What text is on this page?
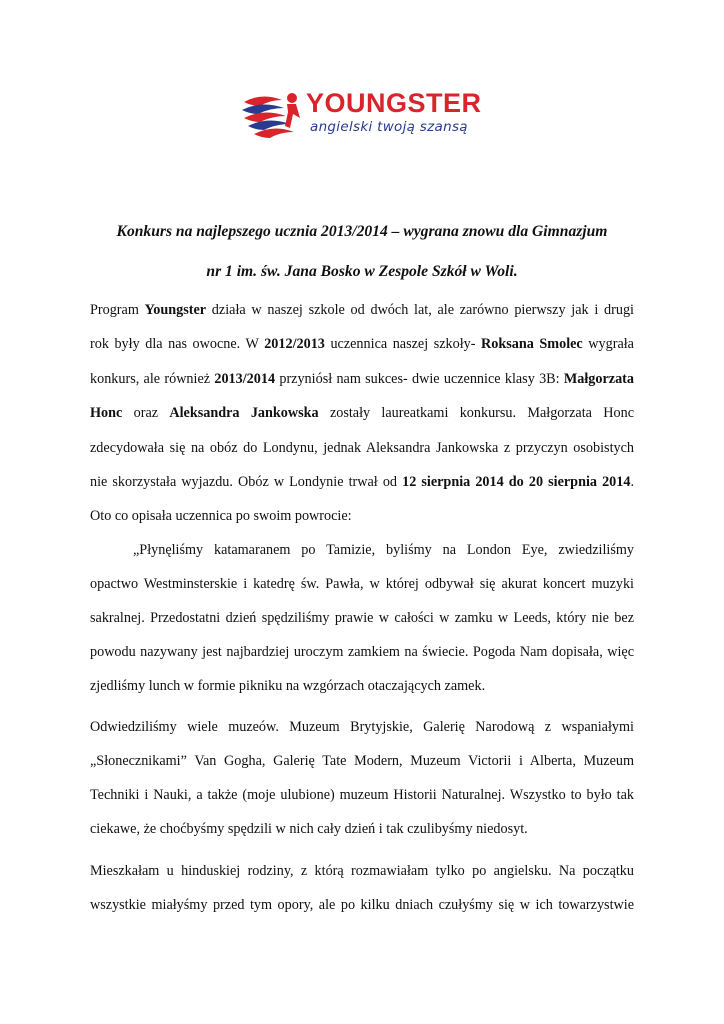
YOUNGSTER
angielski twoją szansą
Konkurs na najlepszego ucznia 2013/2014 – wygrana znowu dla Gimnazjum
nr 1 im. św. Jana Bosko w Zespole Szkół w Woli.
Program Youngster działa w naszej szkole od dwóch lat, ale zarówno pierwszy jak i drugi
rok były dla nas owocne. W 2012/2013 uczennica naszej szkoły- Roksana Smolec wygrała
konkurs, ale również 2013/2014 przyniósł nam sukces- dwie uczennice klasy 3B: Małgorzata
Honc oraz Aleksandra Jankowska zostały laureatkami konkursu. Małgorzata Honc
zdecydowała się na obóz do Londynu, jednak Aleksandra Jankowska z przyczyn osobistych
nie skorzystała wyjazdu. Obóz w Londynie trwał od 12 sierpnia 2014 do 20 sierpnia 2014.
Oto co opisała uczennica po swoim powrocie:
„Płynęliśmy katamaranem po Tamizie, byliśmy na London Eye, zwiedziliśmy
opactwo Westminsterskie i katedrę św. Pawła, w której odbywał się akurat koncert muzyki
sakralnej. Przedostatni dzień spędziliśmy prawie w całości w zamku w Leeds, który nie bez
powodu nazywany jest najbardziej uroczym zamkiem na świecie. Pogoda Nam dopisała, więc
zjedliśmy lunch w formie pikniku na wzgórzach otaczających zamek.
Odwiedziliśmy wiele muzeów. Muzeum Brytyjskie, Galerię Narodową z wspaniałymi
„Słonecznikami” Van Gogha, Galerię Tate Modern, Muzeum Victorii i Alberta, Muzeum
Techniki i Nauki, a także (moje ulubione) muzeum Historii Naturalnej. Wszystko to było tak
ciekawe, że choćbyśmy spędzili w nich cały dzień i tak czulibyśmy niedosyt.
Mieszkałam u hinduskiej rodziny, z którą rozmawiałam tylko po angielsku. Na początku
wszystkie miałyśmy przed tym opory, ale po kilku dniach czułyśmy się w ich towarzystwie
